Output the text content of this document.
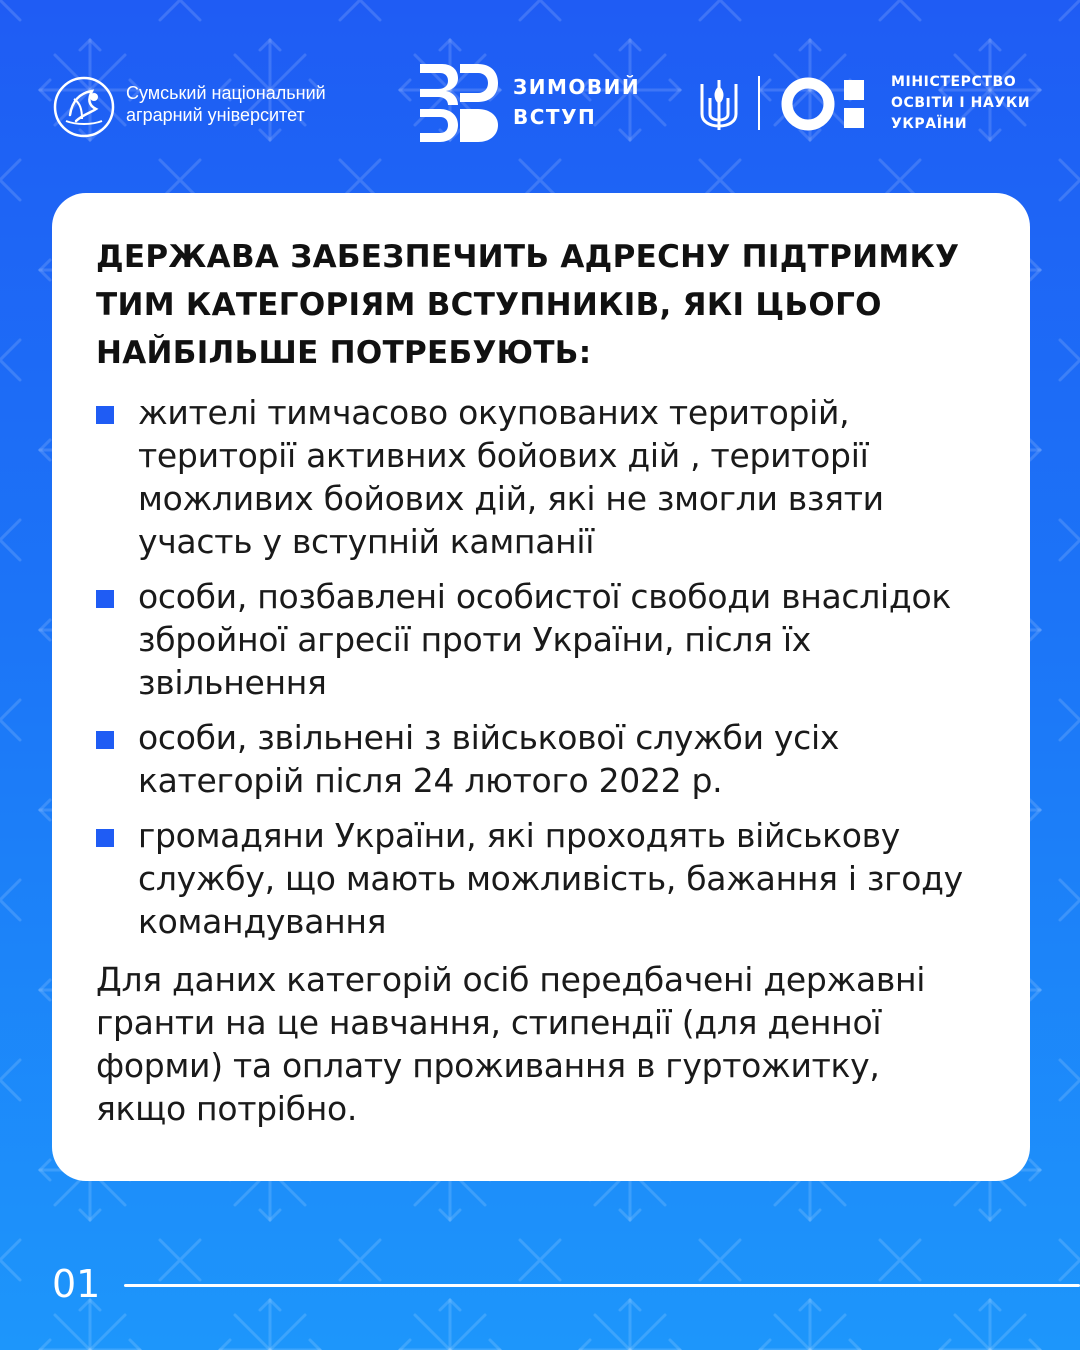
Сумський національний
аграрний університет
ЗИМОВИЙ
ВСТУП
МІНІСТЕРСТВО
ОСВІТИ І НАУКИ
УКРАЇНИ
ДЕРЖАВА ЗАБЕЗПЕЧИТЬ АДРЕСНУ ПІДТРИМКУ ТИМ КАТЕГОРІЯМ ВСТУПНИКІВ, ЯКІ ЦЬОГО НАЙБІЛЬШЕ ПОТРЕБУЮТЬ:
жителі тимчасово окупованих територій, території активних бойових дій , території можливих бойових дій, які не змогли взяти участь у вступній кампанії
особи, позбавлені особистої свободи внаслідок збройної агресії проти України, після їх звільнення
особи, звільнені з військової служби усіх категорій після 24 лютого 2022 р.
громадяни України, які проходять військову службу, що мають можливість, бажання і згоду командування

Для даних категорій осіб передбачені державні гранти на це навчання, стипендії (для денної форми) та оплату проживання в гуртожитку, якщо потрібно.

01
